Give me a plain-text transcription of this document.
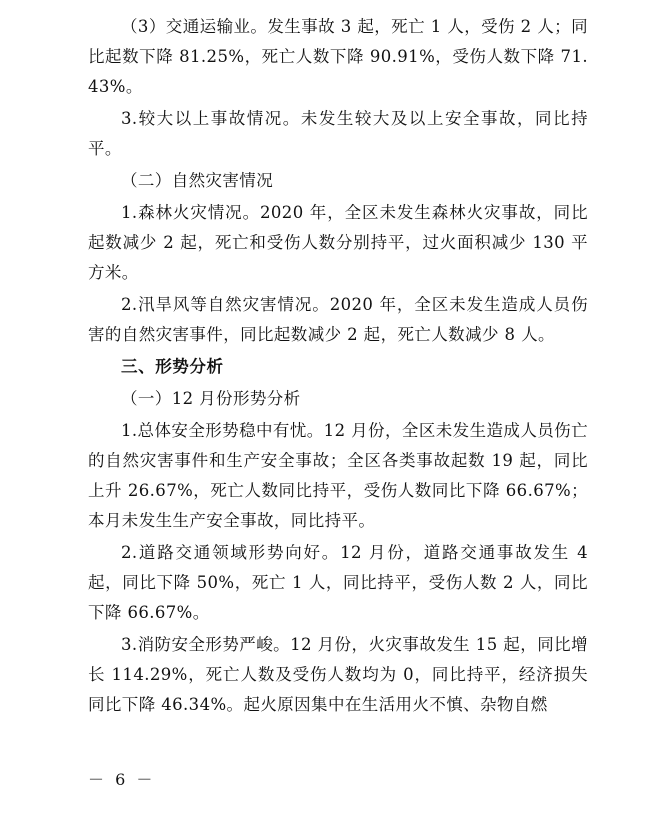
（3）交通运输业。发生事故 3 起，死亡 1 人，受伤 2 人；同比起数下降 81.25%，死亡人数下降 90.91%，受伤人数下降 71.43%。

3.较大以上事故情况。未发生较大及以上安全事故，同比持平。

（二）自然灾害情况

1.森林火灾情况。2020 年，全区未发生森林火灾事故，同比起数减少 2 起，死亡和受伤人数分别持平，过火面积减少 130 平方米。

2.汛旱风等自然灾害情况。2020 年，全区未发生造成人员伤害的自然灾害事件，同比起数减少 2 起，死亡人数减少 8 人。

三、形势分析

（一）12 月份形势分析

1.总体安全形势稳中有忧。12 月份，全区未发生造成人员伤亡的自然灾害事件和生产安全事故；全区各类事故起数 19 起，同比上升 26.67%，死亡人数同比持平，受伤人数同比下降 66.67%；本月未发生生产安全事故，同比持平。

2.道路交通领域形势向好。12 月份，道路交通事故发生 4 起，同比下降 50%，死亡 1 人，同比持平，受伤人数 2 人，同比下降 66.67%。

3.消防安全形势严峻。12 月份，火灾事故发生 15 起，同比增长 114.29%，死亡人数及受伤人数均为 0，同比持平，经济损失同比下降 46.34%。起火原因集中在生活用火不慎、杂物自燃

－ 6 －
